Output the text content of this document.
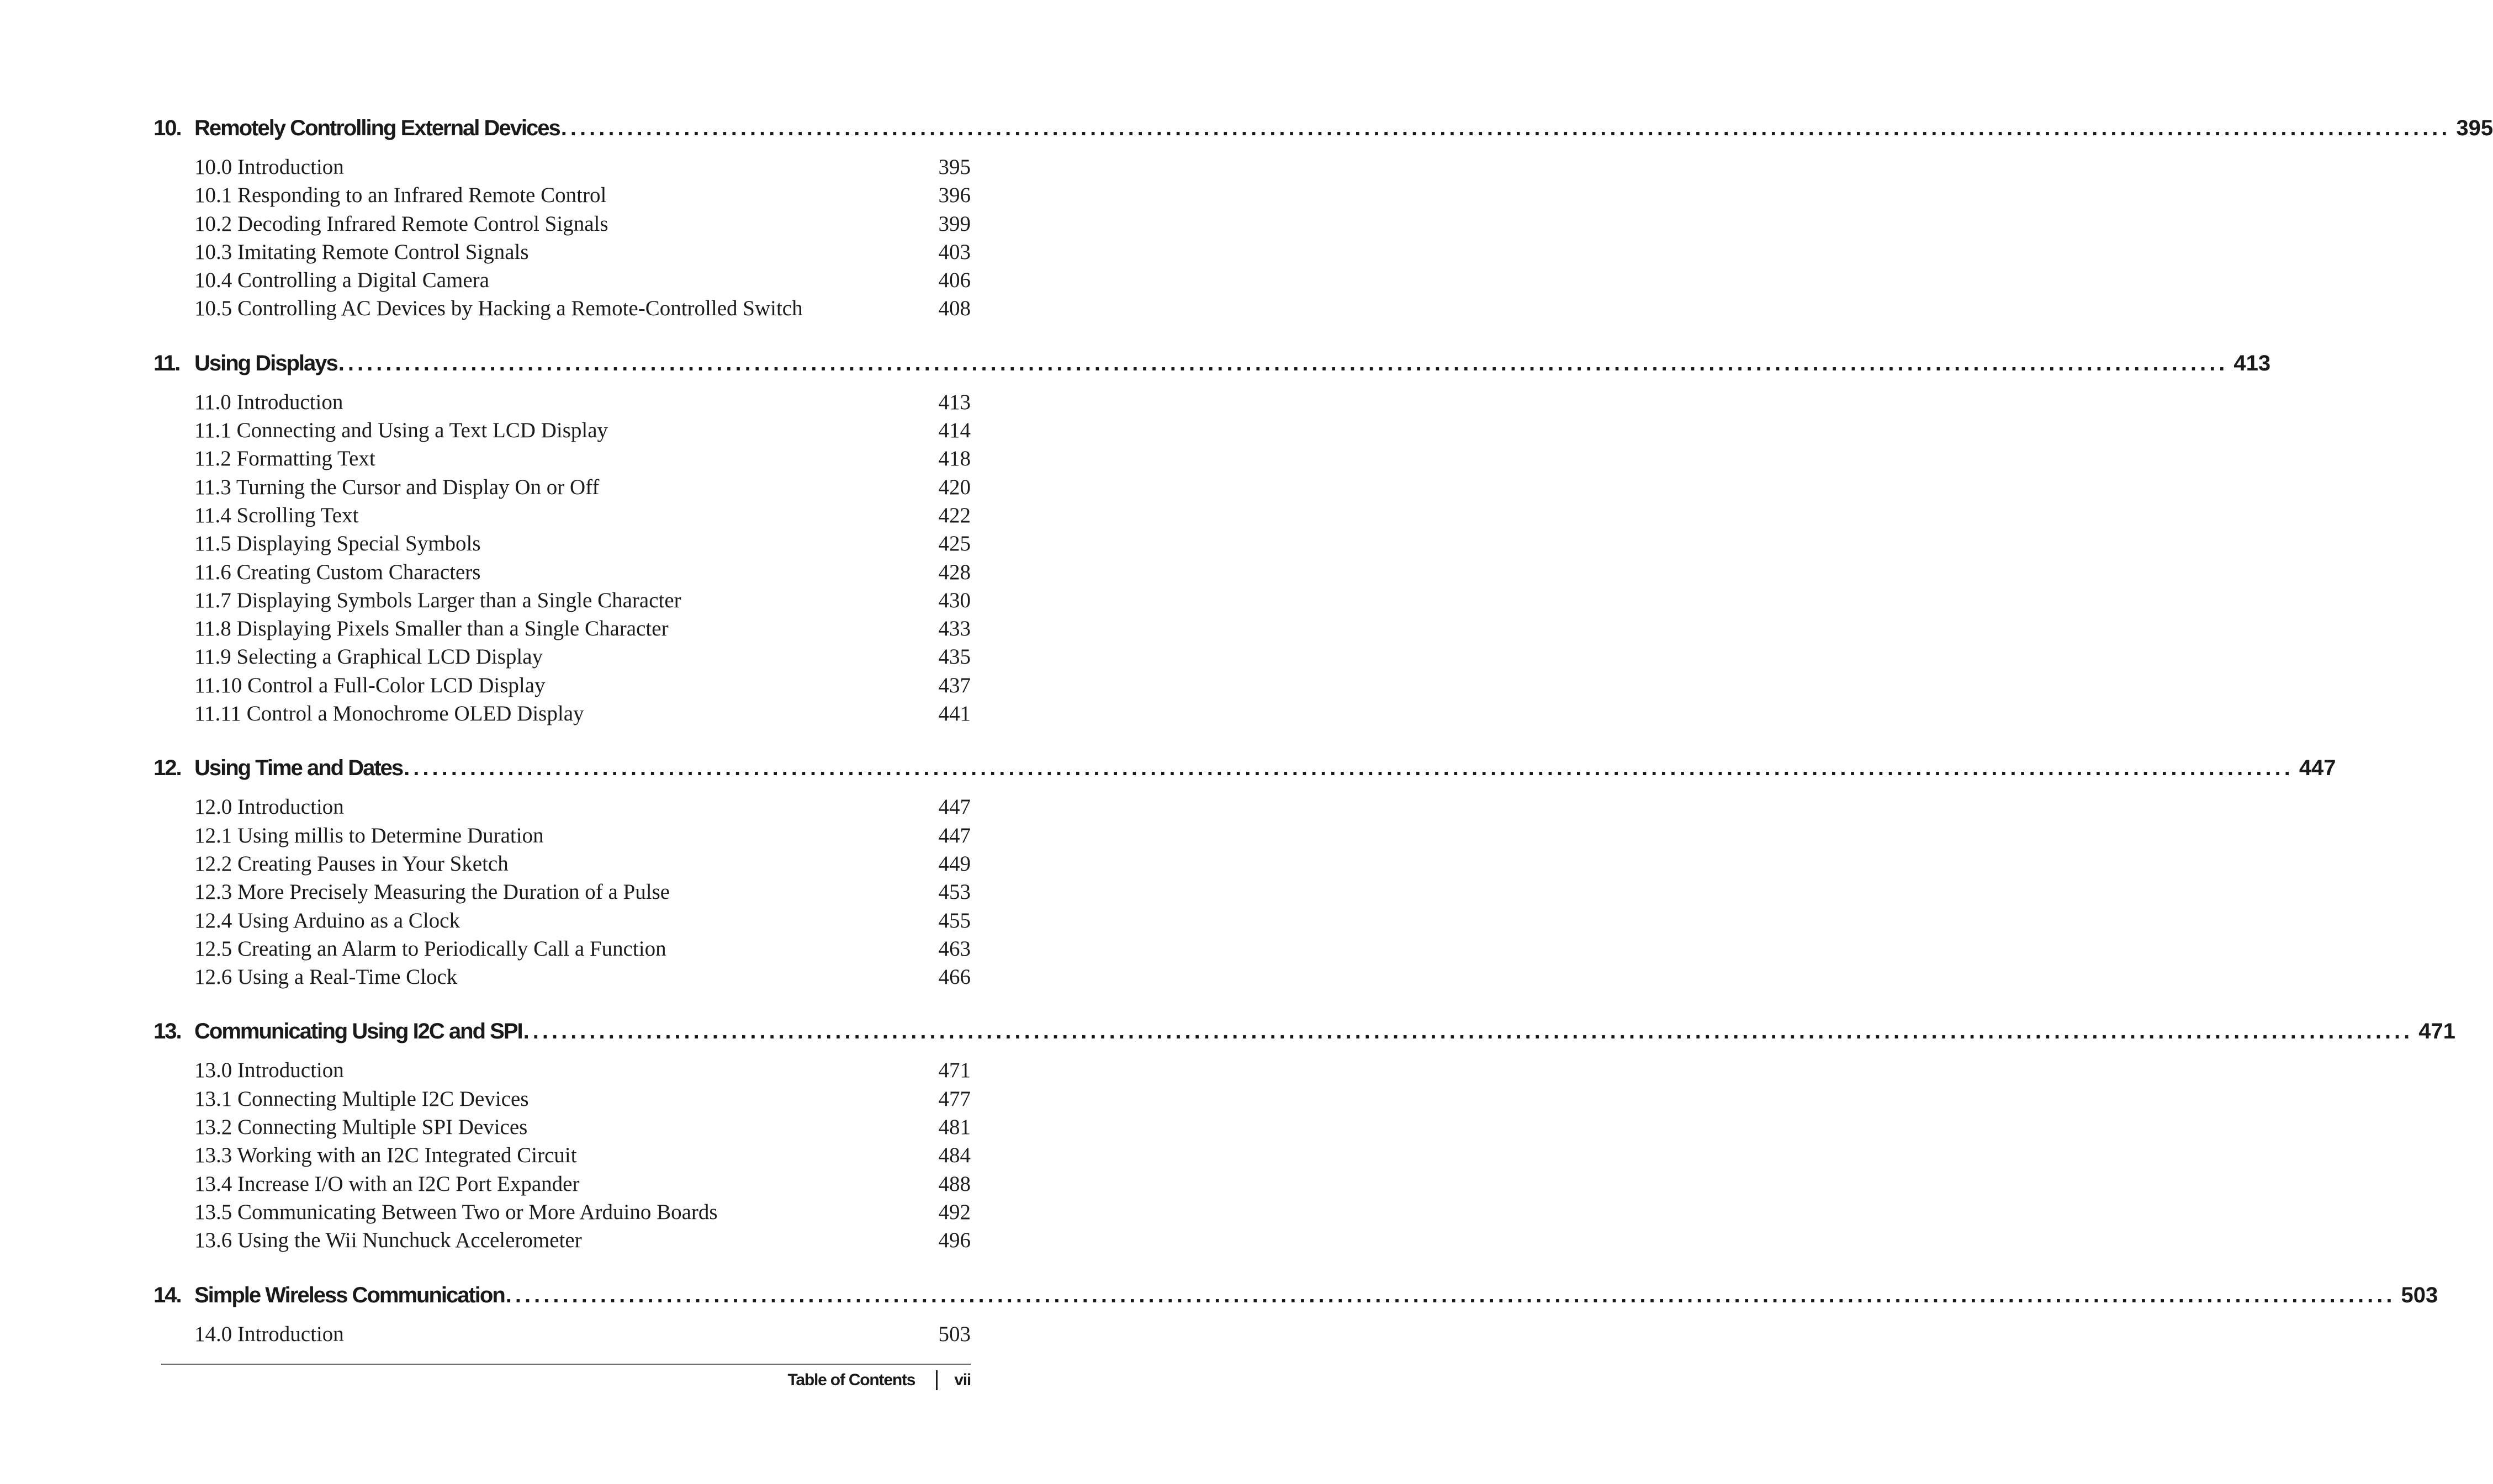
10. Remotely Controlling External Devices ........................................................................................................................................................................................................ 395
10.0 Introduction	395
10.1 Responding to an Infrared Remote Control	396
10.2 Decoding Infrared Remote Control Signals	399
10.3 Imitating Remote Control Signals	403
10.4 Controlling a Digital Camera	406
10.5 Controlling AC Devices by Hacking a Remote-Controlled Switch	408
11. Using Displays ........................................................................................................................................................................................................ 413
11.0 Introduction	413
11.1 Connecting and Using a Text LCD Display	414
11.2 Formatting Text	418
11.3 Turning the Cursor and Display On or Off	420
11.4 Scrolling Text	422
11.5 Displaying Special Symbols	425
11.6 Creating Custom Characters	428
11.7 Displaying Symbols Larger than a Single Character	430
11.8 Displaying Pixels Smaller than a Single Character	433
11.9 Selecting a Graphical LCD Display	435
11.10 Control a Full-Color LCD Display	437
11.11 Control a Monochrome OLED Display	441
12. Using Time and Dates ........................................................................................................................................................................................................ 447
12.0 Introduction	447
12.1 Using millis to Determine Duration	447
12.2 Creating Pauses in Your Sketch	449
12.3 More Precisely Measuring the Duration of a Pulse	453
12.4 Using Arduino as a Clock	455
12.5 Creating an Alarm to Periodically Call a Function	463
12.6 Using a Real-Time Clock	466
13. Communicating Using I2C and SPI ........................................................................................................................................................................................................ 471
13.0 Introduction	471
13.1 Connecting Multiple I2C Devices	477
13.2 Connecting Multiple SPI Devices	481
13.3 Working with an I2C Integrated Circuit	484
13.4 Increase I/O with an I2C Port Expander	488
13.5 Communicating Between Two or More Arduino Boards	492
13.6 Using the Wii Nunchuck Accelerometer	496
14. Simple Wireless Communication ........................................................................................................................................................................................................ 503
14.0 Introduction	503
Table of Contents vii
